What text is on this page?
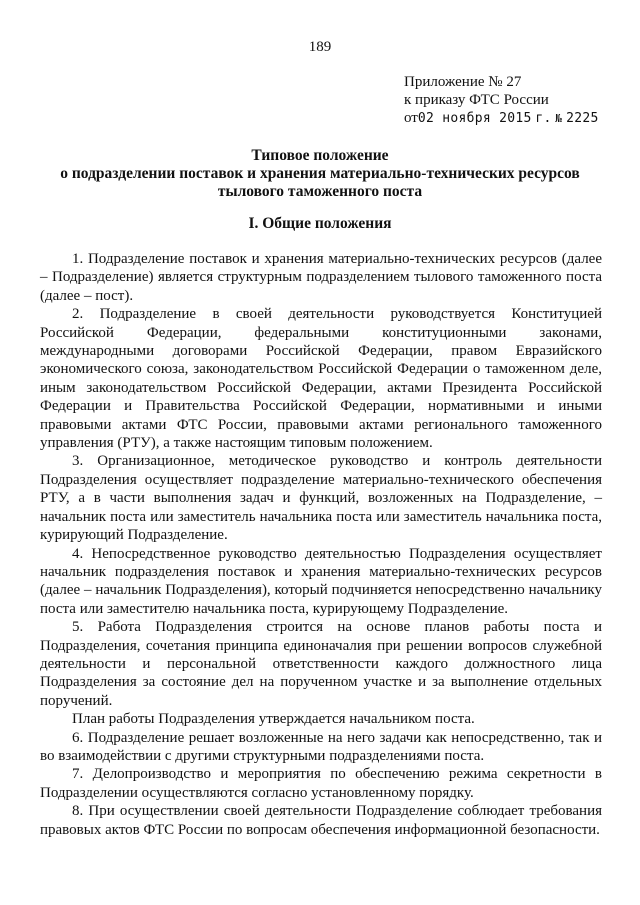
189
Приложение № 27
к приказу ФТС России
от02 ноября 2015 г. № 2225
Типовое положение
о подразделении поставок и хранения материально-технических ресурсов
тылового таможенного поста
I. Общие положения

1. Подразделение поставок и хранения материально-технических ресурсов (далее – Подразделение) является структурным подразделением тылового таможенного поста (далее – пост).

2. Подразделение в своей деятельности руководствуется Конституцией Российской Федерации, федеральными конституционными законами, международными договорами Российской Федерации, правом Евразийского экономического союза, законодательством Российской Федерации о таможенном деле, иным законодательством Российской Федерации, актами Президента Российской Федерации и Правительства Российской Федерации, нормативными и иными правовыми актами ФТС России, правовыми актами регионального таможенного управления (РТУ), а также настоящим типовым положением.

3. Организационное, методическое руководство и контроль деятельности Подразделения осуществляет подразделение материально-технического обеспечения РТУ, а в части выполнения задач и функций, возложенных на Подразделение, – начальник поста или заместитель начальника поста или заместитель начальника поста, курирующий Подразделение.

4. Непосредственное руководство деятельностью Подразделения осуществляет начальник подразделения поставок и хранения материально-технических ресурсов (далее – начальник Подразделения), который подчиняется непосредственно начальнику поста или заместителю начальника поста, курирующему Подразделение.

5. Работа Подразделения строится на основе планов работы поста и Подразделения, сочетания принципа единоначалия при решении вопросов служебной деятельности и персональной ответственности каждого должностного лица Подразделения за состояние дел на порученном участке и за выполнение отдельных поручений.

План работы Подразделения утверждается начальником поста.

6. Подразделение решает возложенные на него задачи как непосредственно, так и во взаимодействии с другими структурными подразделениями поста.

7. Делопроизводство и мероприятия по обеспечению режима секретности в Подразделении осуществляются согласно установленному порядку.

8. При осуществлении своей деятельности Подразделение соблюдает требования правовых актов ФТС России по вопросам обеспечения информационной безопасности.
